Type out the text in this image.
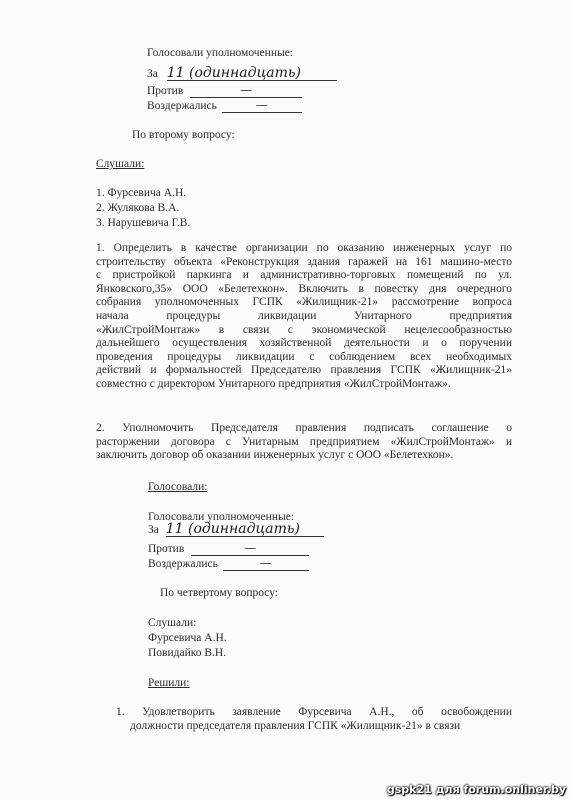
Голосовали уполномоченные:
За 11 (одиннадцать)
Против	—
Воздержались	—
По второму вопросу:
Слушали:
1. Фурсевича А.Н.
2. Жулякова В.А.
3. Нарушевича Г.В.
1. Определить в качестве организации по оказанию инженерных услуг по
строительству объекта «Реконструкция здания гаражей на 161 машино-место
с пристройкой паркинга и административно-торговых помещений по ул.
Янковского,35» ООО «Белетехкон». Включить в повестку дня очередного
собрания уполномоченных ГСПК «Жилищник-21» рассмотрение вопроса
начала процедуры ликвидации Унитарного предприятия
«ЖилСтройМонтаж» в связи с экономической нецелесообразностью
дальнейшего осуществления хозяйственной деятельности и о поручении
проведения процедуры ликвидации с соблюдением всех необходимых
действий и формальностей Председателю правления ГСПК «Жилищник-21»
совместно с директором Унитарного предприятия «ЖилСтройМонтаж».
2. Уполномочить Председателя правления подписать соглашение о
расторжении договора с Унитарным предприятием «ЖилСтройМонтаж» и
заключить договор об оказании инженерных услуг с ООО «Белетехкон».
Голосовали:
Голосовали уполномоченные:
За 11 (одиннадцать)
Против	—
Воздержались	—
По четвертому вопросу:
Слушали:
Фурсевича А.Н.
Повидайко В.Н.
Решили:
1. Удовлетворить заявление Фурсевича А.Н., об освобождении
должности председателя правления ГСПК «Жилищник-21» в связи
gspk21 для forum.onliner.by
